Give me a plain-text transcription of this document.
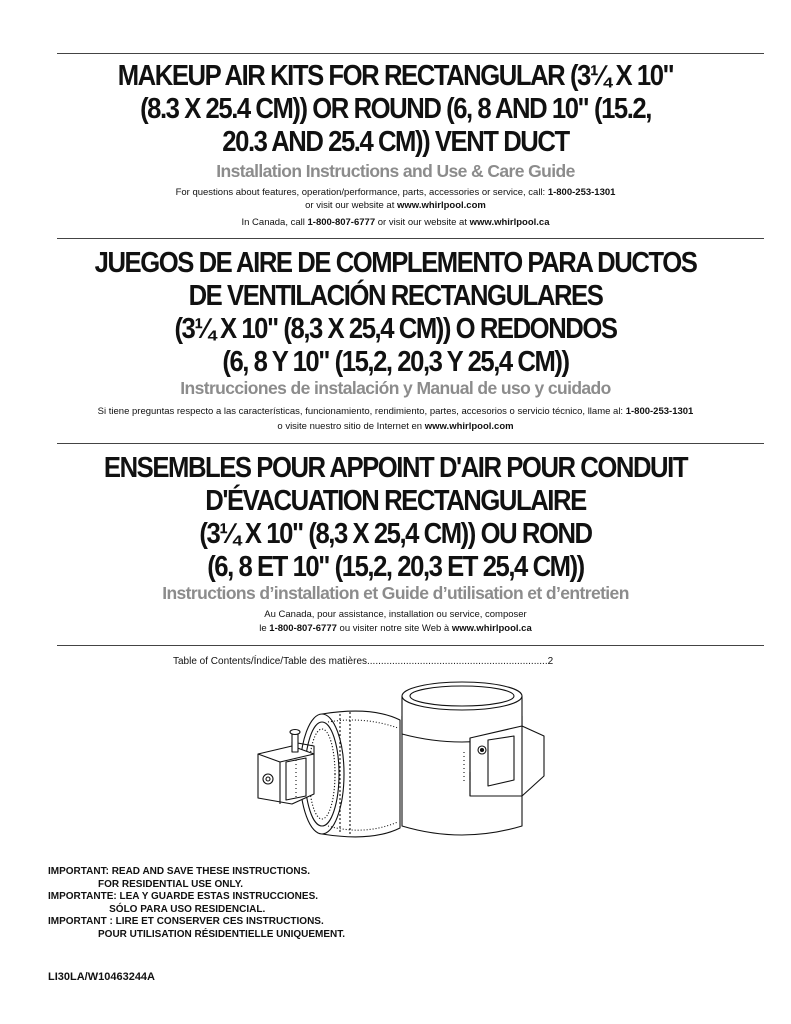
MAKEUP AIR KITS FOR RECTANGULAR (3¼ X 10"
(8.3 X 25.4 CM)) OR ROUND (6, 8 AND 10" (15.2,
20.3 AND 25.4 CM)) VENT DUCT
Installation Instructions and Use & Care Guide
For questions about features, operation/performance, parts, accessories or service, call: 1-800-253-1301
or visit our website at www.whirlpool.com
In Canada, call 1-800-807-6777 or visit our website at www.whirlpool.ca
JUEGOS DE AIRE DE COMPLEMENTO PARA DUCTOS
DE VENTILACIÓN RECTANGULARES
(3¼ X 10" (8,3 X 25,4 CM)) O REDONDOS
(6, 8 Y 10" (15,2, 20,3 Y 25,4 CM))
Instrucciones de instalación y Manual de uso y cuidado
Si tiene preguntas respecto a las características, funcionamiento, rendimiento, partes, accesorios o servicio técnico, llame al: 1-800-253-1301
o visite nuestro sitio de Internet en www.whirlpool.com
ENSEMBLES POUR APPOINT D'AIR POUR CONDUIT
D'ÉVACUATION RECTANGULAIRE
(3¼ X 10" (8,3 X 25,4 CM)) OU ROND
(6, 8 ET 10" (15,2, 20,3 ET 25,4 CM))
Instructions d’installation et Guide d’utilisation et d’entretien
Au Canada, pour assistance, installation ou service, composer
le 1-800-807-6777 ou visiter notre site Web à www.whirlpool.ca
Table of Contents/Índice/Table des matières.................................................................2
IMPORTANT: READ AND SAVE THESE INSTRUCTIONS.
FOR RESIDENTIAL USE ONLY.
IMPORTANTE: LEA Y GUARDE ESTAS INSTRUCCIONES.
SÓLO PARA USO RESIDENCIAL.
IMPORTANT : LIRE ET CONSERVER CES INSTRUCTIONS.
POUR UTILISATION RÉSIDENTIELLE UNIQUEMENT.
LI30LA/W10463244A
